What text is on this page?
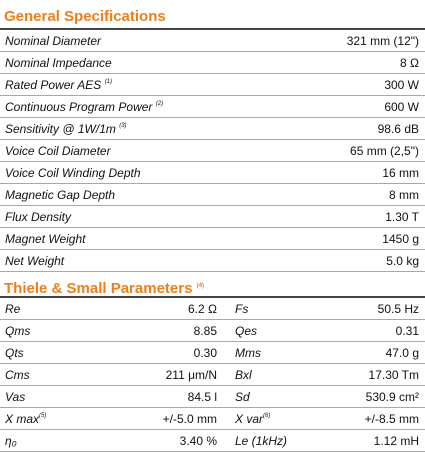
General Specifications
Nominal Diameter	321 mm (12")
Nominal Impedance	8 Ω
Rated Power AES $^{(1)}$	300 W
Continuous Program Power $^{(2)}$	600 W
Sensitivity @ 1W/1m $^{(3)}$	98.6 dB
Voice Coil Diameter	65 mm (2,5")
Voice Coil Winding Depth	16 mm
Magnetic Gap Depth	8 mm
Flux Density	1.30 T
Magnet Weight	1450 g
Net Weight	5.0 kg
Thiele & Small Parameters $^{(4)}$
Re	6.2 Ω	Fs	50.5 Hz
Qms	8.85	Qes	0.31
Qts	0.30	Mms	47.0 g
Cms	211 μm/N	Bxl	17.30 Tm
Vas	84.5 l	Sd	530.9 cm²
X $\max^{(5)}$	+/-5.0 mm	X var$^{(6)}$	+/-8.5 mm
η₀	3.40 %	Le (1kHz)	1.12 mH
